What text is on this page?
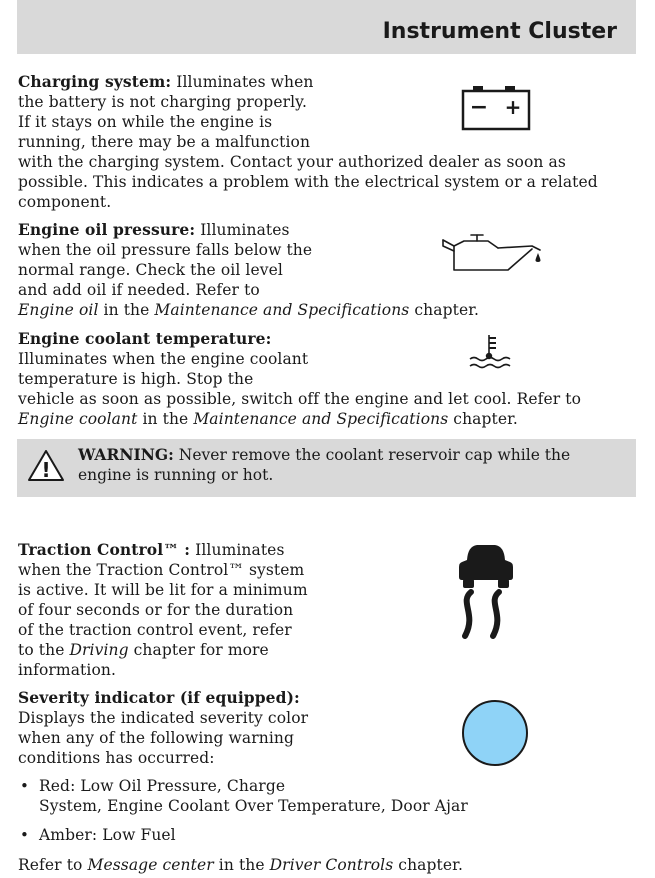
Instrument Cluster

Charging system: Illuminates when

the battery is not charging properly.

If it stays on while the engine is

running, there may be a malfunction

with the charging system. Contact your authorized dealer as soon as

possible. This indicates a problem with the electrical system or a related

component.

− +

Engine oil pressure: Illuminates

when the oil pressure falls below the

normal range. Check the oil level

and add oil if needed. Refer to

Engine oil in the Maintenance and Specifications chapter.

Engine coolant temperature:

Illuminates when the engine coolant

temperature is high. Stop the

vehicle as soon as possible, switch off the engine and let cool. Refer to

Engine coolant in the Maintenance and Specifications chapter.

!

WARNING: Never remove the coolant reservoir cap while the
engine is running or hot.

Traction Control™ : Illuminates

when the Traction Control™ system

is active. It will be lit for a minimum

of four seconds or for the duration

of the traction control event, refer

to the Driving chapter for more

information.

Severity indicator (if equipped):

Displays the indicated severity color

when any of the following warning

conditions has occurred:

• Red: Low Oil Pressure, Charge

System, Engine Coolant Over Temperature, Door Ajar

• Amber: Low Fuel

Refer to Message center in the Driver Controls chapter.
